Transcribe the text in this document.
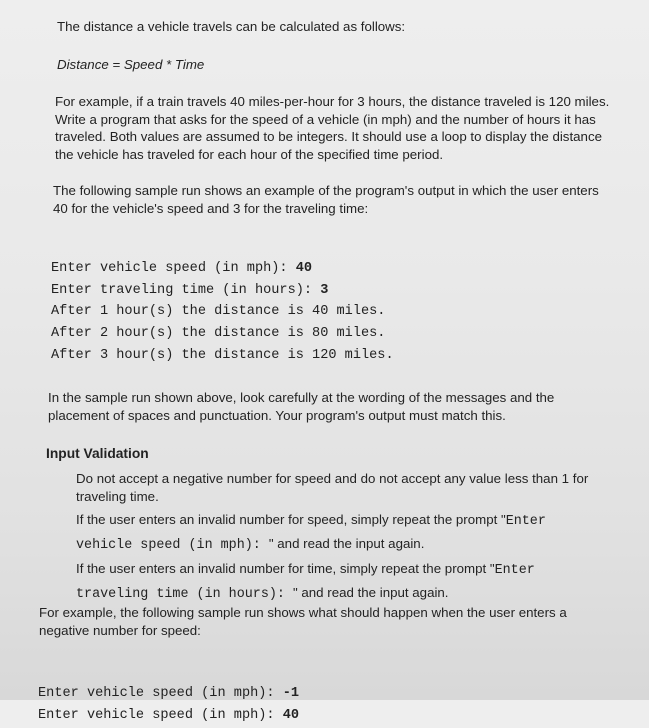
The distance a vehicle travels can be calculated as follows:

Distance = Speed * Time

For example, if a train travels 40 miles-per-hour for 3 hours, the distance traveled is 120 miles.
Write a program that asks for the speed of a vehicle (in mph) and the number of hours it has
traveled. Both values are assumed to be integers. It should use a loop to display the distance
the vehicle has traveled for each hour of the specified time period.

The following sample run shows an example of the program's output in which the user enters
40 for the vehicle's speed and 3 for the traveling time:

Enter vehicle speed (in mph): 40
Enter traveling time (in hours): 3
After 1 hour(s) the distance is 40 miles.
After 2 hour(s) the distance is 80 miles.
After 3 hour(s) the distance is 120 miles.

In the sample run shown above, look carefully at the wording of the messages and the
placement of spaces and punctuation. Your program's output must match this.

Input Validation
Do not accept a negative number for speed and do not accept any value less than 1 for
traveling time.
If the user enters an invalid number for speed, simply repeat the prompt "Enter
vehicle speed (in mph): " and read the input again.
If the user enters an invalid number for time, simply repeat the prompt "Enter
traveling time (in hours): " and read the input again.

For example, the following sample run shows what should happen when the user enters a
negative number for speed:

Enter vehicle speed (in mph): -1
Enter vehicle speed (in mph): 40
